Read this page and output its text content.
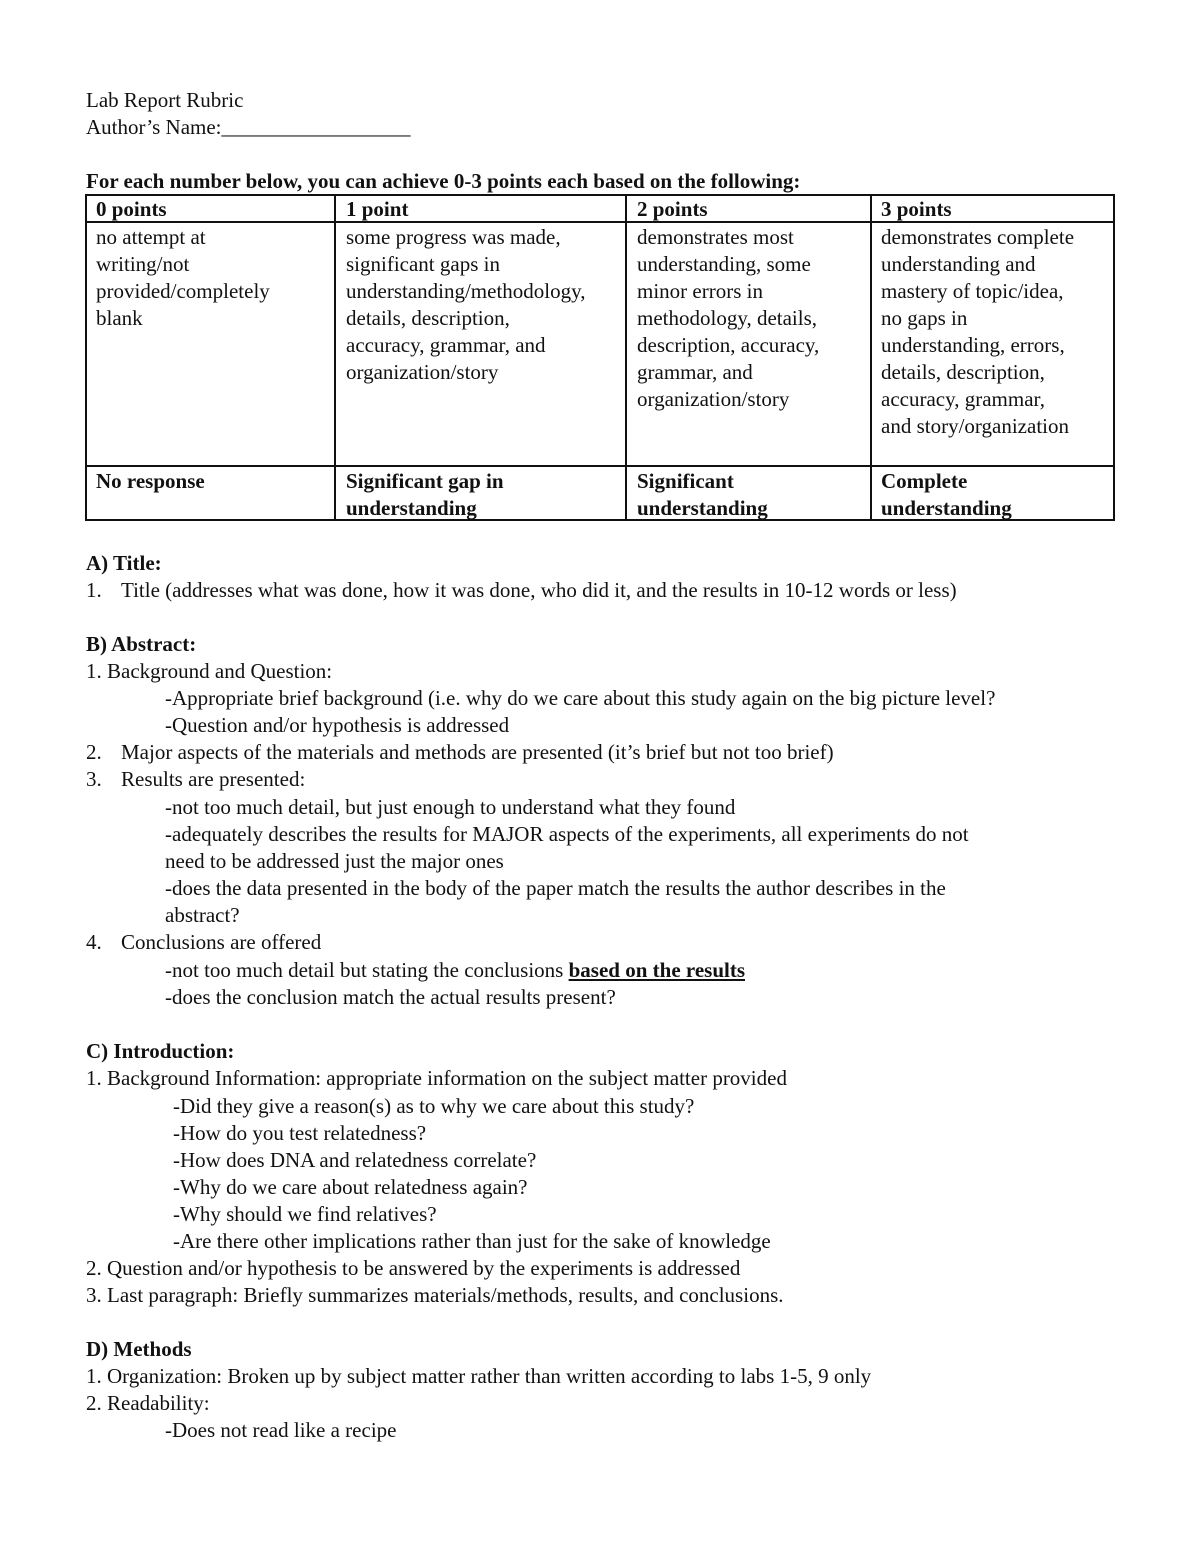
Lab Report Rubric
Author’s Name:__________________
For each number below, you can achieve 0-3 points each based on the following:
0 points
no attempt at
writing/not
provided/completely
blank
No response
1 point
some progress was made,
significant gaps in
understanding/methodology,
details, description,
accuracy, grammar, and
organization/story
Significant gap in
understanding
2 points
demonstrates most
understanding, some
minor errors in
methodology, details,
description, accuracy,
grammar, and
organization/story
Significant
understanding
3 points
demonstrates complete
understanding and
mastery of topic/idea,
no gaps in
understanding, errors,
details, description,
accuracy, grammar,
and story/organization
Complete
understanding
A) Title:
1. Title (addresses what was done, how it was done, who did it, and the results in 10-12 words or less)
B) Abstract:
1. Background and Question:
-Appropriate brief background (i.e. why do we care about this study again on the big picture level?
-Question and/or hypothesis is addressed
2. Major aspects of the materials and methods are presented (it’s brief but not too brief)
3. Results are presented:
-not too much detail, but just enough to understand what they found
-adequately describes the results for MAJOR aspects of the experiments, all experiments do not
need to be addressed just the major ones
-does the data presented in the body of the paper match the results the author describes in the
abstract?
4. Conclusions are offered
-not too much detail but stating the conclusions based on the results
-does the conclusion match the actual results present?
C) Introduction:
1. Background Information: appropriate information on the subject matter provided
-Did they give a reason(s) as to why we care about this study?
-How do you test relatedness?
-How does DNA and relatedness correlate?
-Why do we care about relatedness again?
-Why should we find relatives?
-Are there other implications rather than just for the sake of knowledge
2. Question and/or hypothesis to be answered by the experiments is addressed
3. Last paragraph: Briefly summarizes materials/methods, results, and conclusions.
D) Methods
1. Organization: Broken up by subject matter rather than written according to labs 1-5, 9 only
2. Readability:
-Does not read like a recipe
